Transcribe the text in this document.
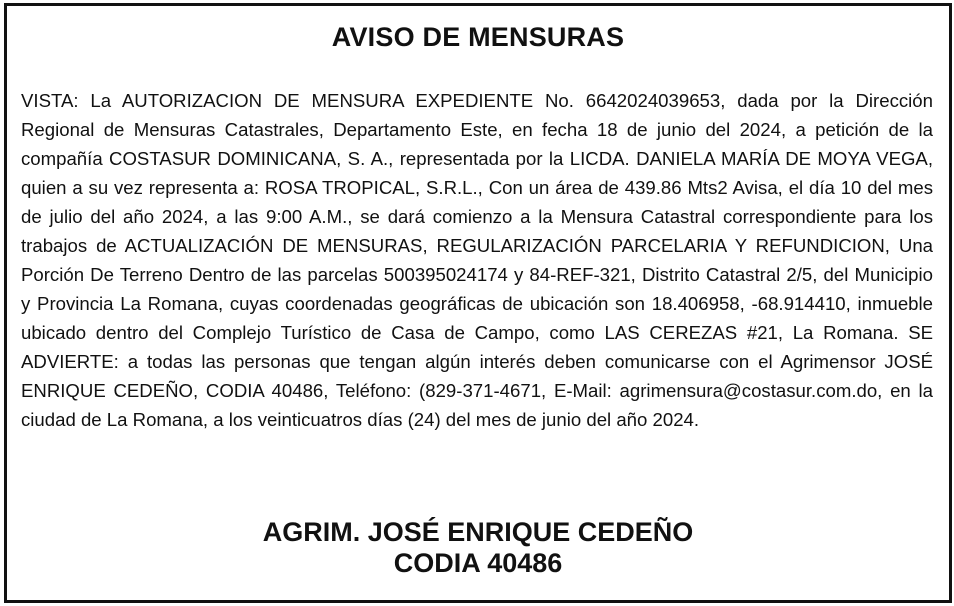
AVISO DE MENSURAS
VISTA: La AUTORIZACION DE MENSURA EXPEDIENTE No. 6642024039653, dada por la Dirección Regional de Mensuras Catastrales, Departamento Este, en fecha 18 de junio del 2024, a petición de la compañía COSTASUR DOMINICANA, S. A., representada por la LICDA. DANIELA MARÍA DE MOYA VEGA, quien a su vez representa a: ROSA TROPICAL, S.R.L., Con un área de 439.86 Mts2 Avisa, el día 10 del mes de julio del año 2024, a las 9:00 A.M., se dará comienzo a la Mensura Catastral correspondiente para los trabajos de ACTUALIZACIÓN DE MENSURAS, REGULARIZACIÓN PARCELARIA Y REFUNDICION, Una Porción De Terreno Dentro de las parcelas 500395024174 y 84-REF-321, Distrito Catastral 2/5, del Municipio y Provincia La Romana, cuyas coordenadas geográficas de ubicación son 18.406958, -68.914410, inmueble ubicado dentro del Complejo Turístico de Casa de Campo, como LAS CEREZAS #21, La Romana. SE ADVIERTE: a todas las personas que tengan algún interés deben comunicarse con el Agrimensor JOSÉ ENRIQUE CEDEÑO, CODIA 40486, Teléfono: (829-371-4671, E-Mail: agrimensura@costasur.com.do, en la ciudad de La Romana, a los veinticuatros días (24) del mes de junio del año 2024.
AGRIM. JOSÉ ENRIQUE CEDEÑO
CODIA 40486
